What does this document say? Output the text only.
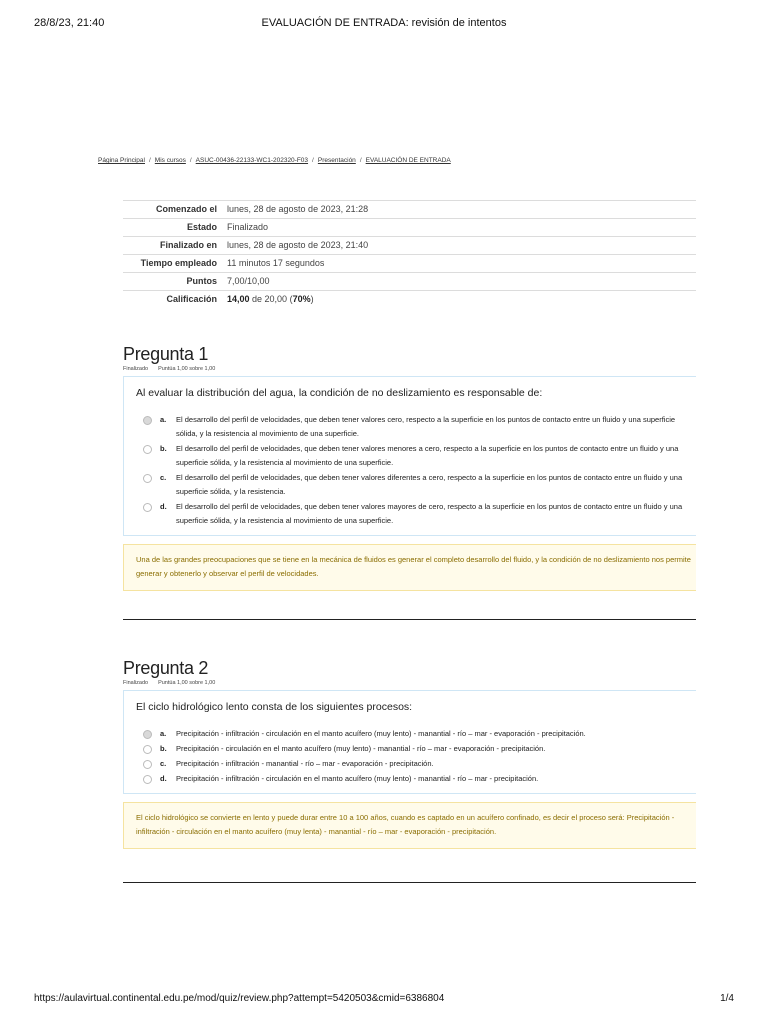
28/8/23, 21:40	EVALUACIÓN DE ENTRADA: revisión de intentos
Página Principal / Mis cursos / ASUC-00436-22133-WC1-202320-F03 / Presentación / EVALUACIÓN DE ENTRADA
Comenzado el	lunes, 28 de agosto de 2023, 21:28
Estado	Finalizado
Finalizado en	lunes, 28 de agosto de 2023, 21:40
Tiempo empleado	11 minutos 17 segundos
Puntos	7,00/10,00
Calificación	14,00 de 20,00 (70%)
Pregunta 1
Finalizado Puntúa 1,00 sobre 1,00
Al evaluar la distribución del agua, la condición de no deslizamiento es responsable de:
a.	El desarrollo del perfil de velocidades, que deben tener valores cero, respecto a la superficie en los puntos de contacto entre un fluido y una superficie sólida, y la resistencia al movimiento de una superficie.
b.	El desarrollo del perfil de velocidades, que deben tener valores menores a cero, respecto a la superficie en los puntos de contacto entre un fluido y una superficie sólida, y la resistencia al movimiento de una superficie.
c.	El desarrollo del perfil de velocidades, que deben tener valores diferentes a cero, respecto a la superficie en los puntos de contacto entre un fluido y una superficie sólida, y la resistencia.
d.	El desarrollo del perfil de velocidades, que deben tener valores mayores de cero, respecto a la superficie en los puntos de contacto entre un fluido y una superficie sólida, y la resistencia al movimiento de una superficie.
Una de las grandes preocupaciones que se tiene en la mecánica de fluidos es generar el completo desarrollo del fluido, y la condición de no deslizamiento nos permite generar y obtenerlo y observar el perfil de velocidades.
Pregunta 2
Finalizado Puntúa 1,00 sobre 1,00
El ciclo hidrológico lento consta de los siguientes procesos:
a.	Precipitación - infiltración - circulación en el manto acuífero (muy lento) - manantial - río – mar - evaporación - precipitación.
b.	Precipitación - circulación en el manto acuífero (muy lento) - manantial - río – mar - evaporación - precipitación.
c.	Precipitación - infiltración - manantial - río – mar - evaporación - precipitación.
d.	Precipitación - infiltración - circulación en el manto acuífero (muy lento) - manantial - río – mar - precipitación.
El ciclo hidrológico se convierte en lento y puede durar entre 10 a 100 años, cuando es captado en un acuífero confinado, es decir el proceso será: Precipitación - infiltración - circulación en el manto acuífero (muy lenta) - manantial - río – mar - evaporación - precipitación.
https://aulavirtual.continental.edu.pe/mod/quiz/review.php?attempt=5420503&cmid=6386804	1/4
